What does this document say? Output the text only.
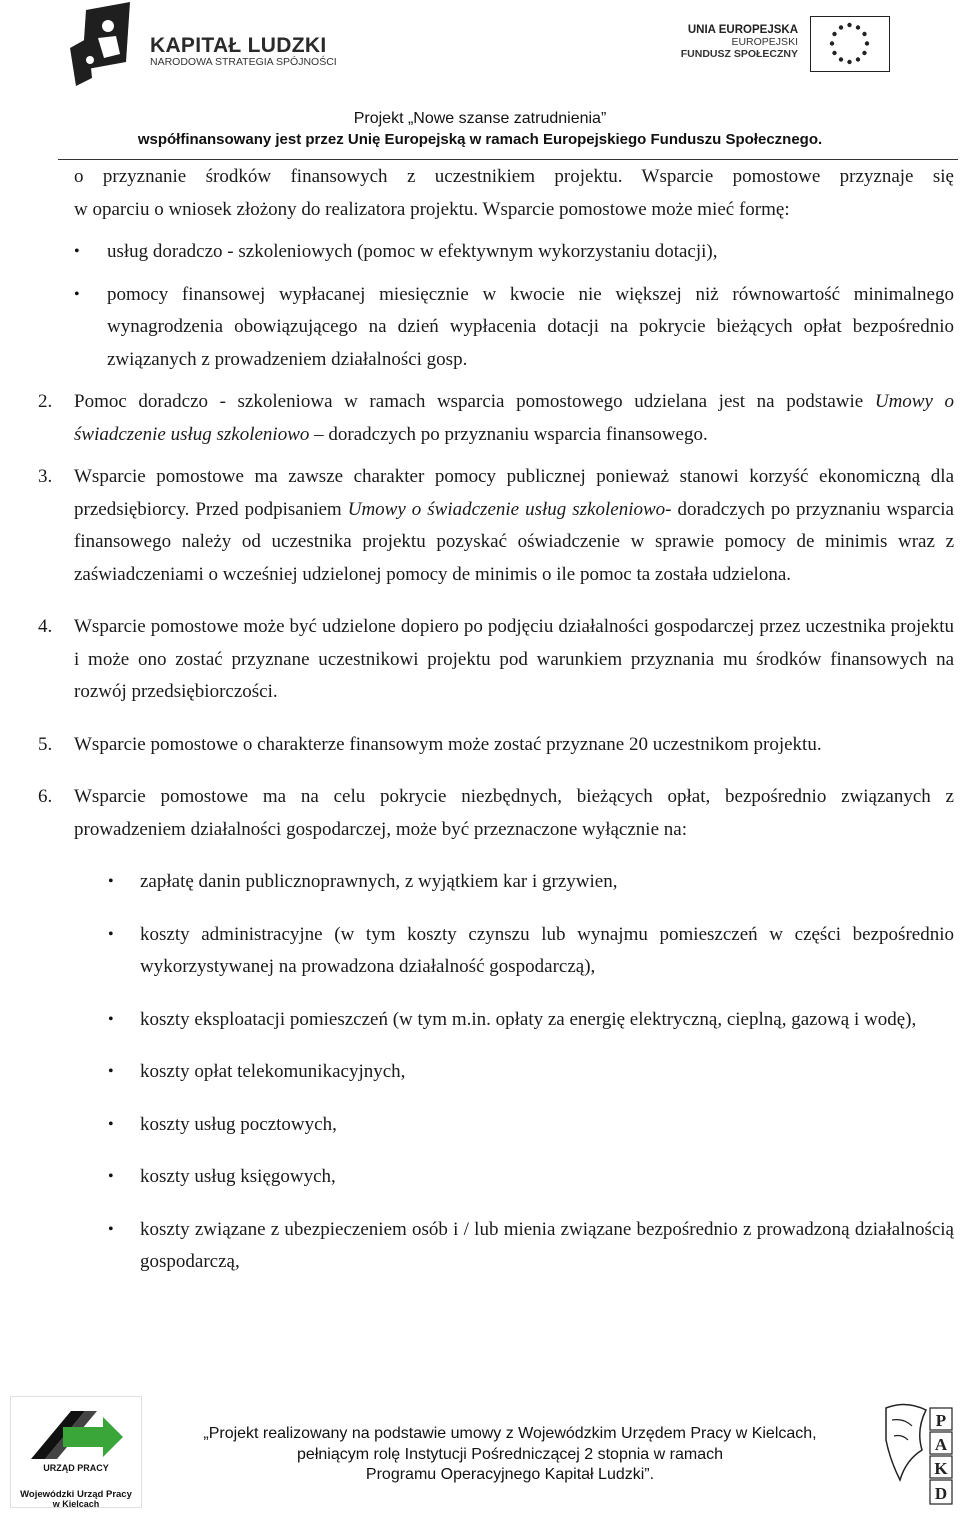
KAPITAŁ LUDZKI
NARODOWA STRATEGIA SPÓJNOŚCI
UNIA EUROPEJSKA
EUROPEJSKI
FUNDUSZ SPOŁECZNY
Projekt „Nowe szanse zatrudnienia”
współfinansowany jest przez Unię Europejską w ramach Europejskiego Funduszu Społecznego.

o przyznanie środków finansowych z uczestnikiem projektu. Wsparcie pomostowe przyznaje się

w oparciu o wniosek złożony do realizatora projektu. Wsparcie pomostowe może mieć formę:

• usług doradczo - szkoleniowych (pomoc w efektywnym wykorzystaniu dotacji),
• pomocy finansowej wypłacanej miesięcznie w kwocie nie większej niż równowartość minimalnego wynagrodzenia obowiązującego na dzień wypłacenia dotacji na pokrycie bieżących opłat bezpośrednio związanych z prowadzeniem działalności gosp.
2. Pomoc doradczo - szkoleniowa w ramach wsparcia pomostowego udzielana jest na podstawie Umowy o świadczenie usług szkoleniowo – doradczych po przyznaniu wsparcia finansowego.
3. Wsparcie pomostowe ma zawsze charakter pomocy publicznej ponieważ stanowi korzyść ekonomiczną dla przedsiębiorcy. Przed podpisaniem Umowy o świadczenie usług szkoleniowo- doradczych po przyznaniu wsparcia finansowego należy od uczestnika projektu pozyskać oświadczenie w sprawie pomocy de minimis wraz z zaświadczeniami o wcześniej udzielonej pomocy de minimis o ile pomoc ta została udzielona.
4. Wsparcie pomostowe może być udzielone dopiero po podjęciu działalności gospodarczej przez uczestnika projektu i może ono zostać przyznane uczestnikowi projektu pod warunkiem przyznania mu środków finansowych na rozwój przedsiębiorczości.
5. Wsparcie pomostowe o charakterze finansowym może zostać przyznane 20 uczestnikom projektu.
6. Wsparcie pomostowe ma na celu pokrycie niezbędnych, bieżących opłat, bezpośrednio związanych z prowadzeniem działalności gospodarczej, może być przeznaczone wyłącznie na:
• zapłatę danin publicznoprawnych, z wyjątkiem kar i grzywien,
• koszty administracyjne (w tym koszty czynszu lub wynajmu pomieszczeń w części bezpośrednio wykorzystywanej na prowadzona działalność gospodarczą),
• koszty eksploatacji pomieszczeń (w tym m.in. opłaty za energię elektryczną, cieplną, gazową i wodę),
• koszty opłat telekomunikacyjnych,
• koszty usług pocztowych,
• koszty usług księgowych,
• koszty związane z ubezpieczeniem osób i / lub mienia związane bezpośrednio z prowadzoną działalnością gospodarczą,
URZĄD PRACY
Wojewódzki Urząd Pracy
w Kielcach
„Projekt realizowany na podstawie umowy z Wojewódzkim Urzędem Pracy w Kielcach,
pełniącym rolę Instytucji Pośredniczącej 2 stopnia w ramach
Programu Operacyjnego Kapitał Ludzki”.
P
A
K
D
